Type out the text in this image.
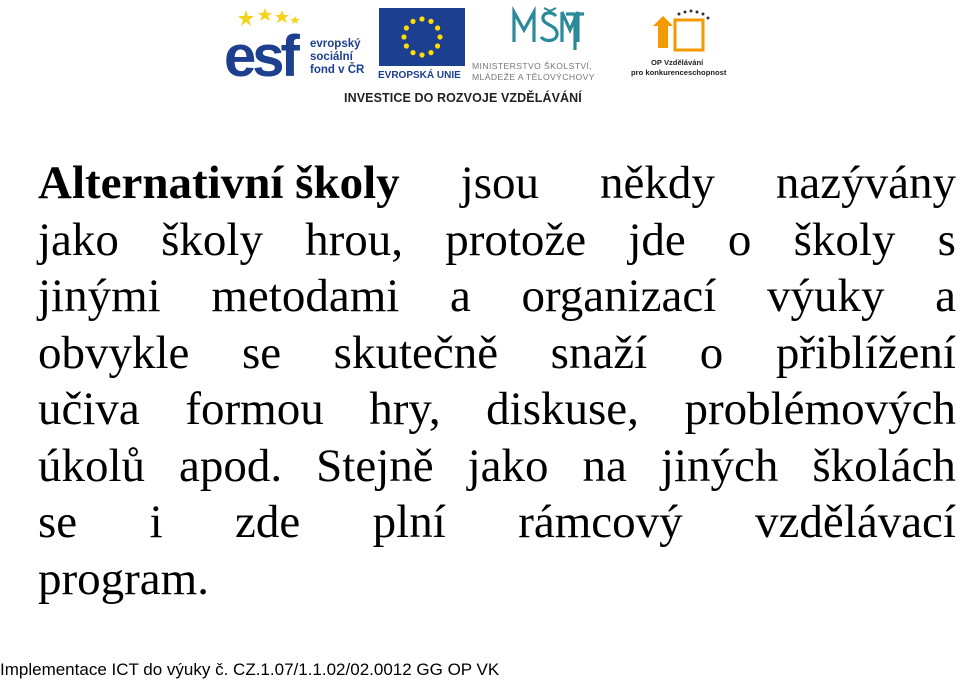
esf evropský
sociální
fond v ČR	EVROPSKÁ UNIE
MINISTERSTVO ŠKOLSTVÍ,
MLÁDEŽE A TĚLOVÝCHOVY
OP Vzdělávání
pro konkurenceschopnost
INVESTICE DO ROZVOJE VZDĚLÁVÁNÍ
Alternativní školy jsou někdy nazývány
jako školy hrou, protože jde o školy s
jinými metodami a organizací výuky a
obvykle se skutečně snaží o přiblížení
učiva formou hry, diskuse, problémových
úkolů apod. Stejně jako na jiných školách
se i zde plní rámcový vzdělávací
program.
Implementace ICT do výuky č. CZ.1.07/1.1.02/02.0012 GG OP VK
